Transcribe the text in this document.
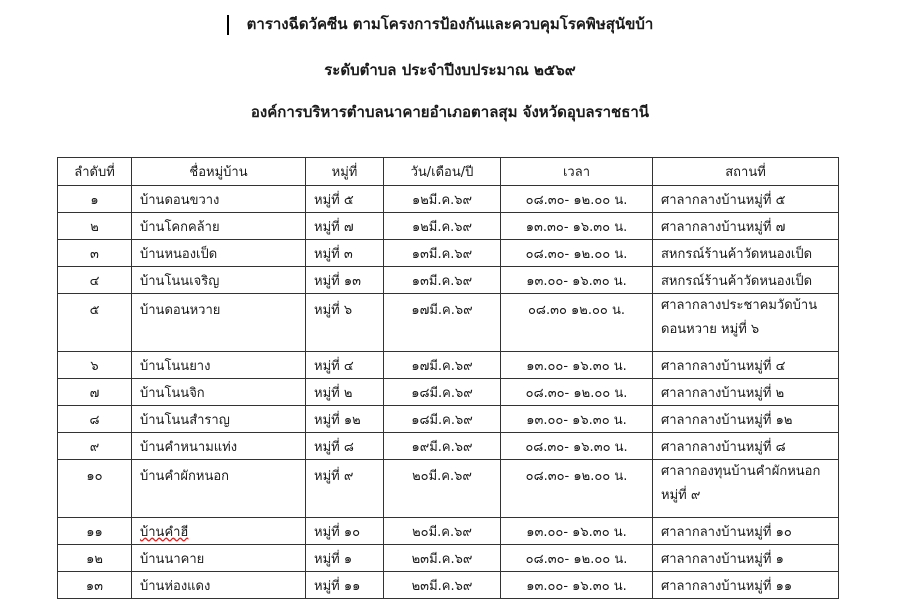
ตารางฉีดวัคซีน ตามโครงการป้องกันและควบคุมโรคพิษสุนัขบ้า
ระดับตำบล ประจำปีงบประมาณ ๒๕๖๙
องค์การบริหารตำบลนาคายอำเภอตาลสุม จังหวัดอุบลราชธานี
ลำดับที่	ชื่อหมู่บ้าน	หมู่ที่	วัน/เดือน/ปี	เวลา	สถานที่
๑	บ้านดอนขวาง	หมู่ที่ ๕	๑๒มี.ค.๖๙	๐๘.๓๐- ๑๒.๐๐ น.	ศาลากลางบ้านหมู่ที่ ๕
๒	บ้านโคกคล้าย	หมู่ที่ ๗	๑๒มี.ค.๖๙	๑๓.๓๐- ๑๖.๓๐ น.	ศาลากลางบ้านหมู่ที่ ๗
๓	บ้านหนองเป็ด	หมู่ที่ ๓	๑๓มี.ค.๖๙	๐๘.๓๐- ๑๒.๐๐ น.	สหกรณ์ร้านค้าวัดหนองเป็ด
๔	บ้านโนนเจริญ	หมู่ที่ ๑๓	๑๓มี.ค.๖๙	๑๓.๐๐- ๑๖.๓๐ น.	สหกรณ์ร้านค้าวัดหนองเป็ด
๕	บ้านดอนหวาย	หมู่ที่ ๖	๑๗มี.ค.๖๙	๐๘.๓๐ ๑๒.๐๐ น.	ศาลากลางประชาคมวัดบ้านดอนหวาย หมู่ที่ ๖
๖	บ้านโนนยาง	หมู่ที่ ๔	๑๗มี.ค.๖๙	๑๓.๐๐- ๑๖.๓๐ น.	ศาลากลางบ้านหมู่ที่ ๔
๗	บ้านโนนจิก	หมู่ที่ ๒	๑๘มี.ค.๖๙	๐๘.๓๐- ๑๒.๐๐ น.	ศาลากลางบ้านหมู่ที่ ๒
๘	บ้านโนนสำราญ	หมู่ที่ ๑๒	๑๘มี.ค.๖๙	๑๓.๐๐- ๑๖.๓๐ น.	ศาลากลางบ้านหมู่ที่ ๑๒
๙	บ้านคำหนามแท่ง	หมู่ที่ ๘	๑๙มี.ค.๖๙	๐๘.๓๐- ๑๖.๓๐ น.	ศาลากลางบ้านหมู่ที่ ๘
๑๐	บ้านคำผักหนอก	หมู่ที่ ๙	๒๐มี.ค.๖๙	๐๘.๓๐- ๑๒.๐๐ น.	ศาลากองทุนบ้านคำผักหนอก หมู่ที่ ๙
๑๑	บ้านคำฮี	หมู่ที่ ๑๐	๒๐มี.ค.๖๙	๑๓.๐๐- ๑๖.๓๐ น.	ศาลากลางบ้านหมู่ที่ ๑๐
๑๒	บ้านนาคาย	หมู่ที่ ๑	๒๓มี.ค.๖๙	๐๘.๓๐- ๑๒.๐๐ น.	ศาลากลางบ้านหมู่ที่ ๑
๑๓	บ้านห่องแดง	หมู่ที่ ๑๑	๒๓มี.ค.๖๙	๑๓.๐๐- ๑๖.๓๐ น.	ศาลากลางบ้านหมู่ที่ ๑๑
